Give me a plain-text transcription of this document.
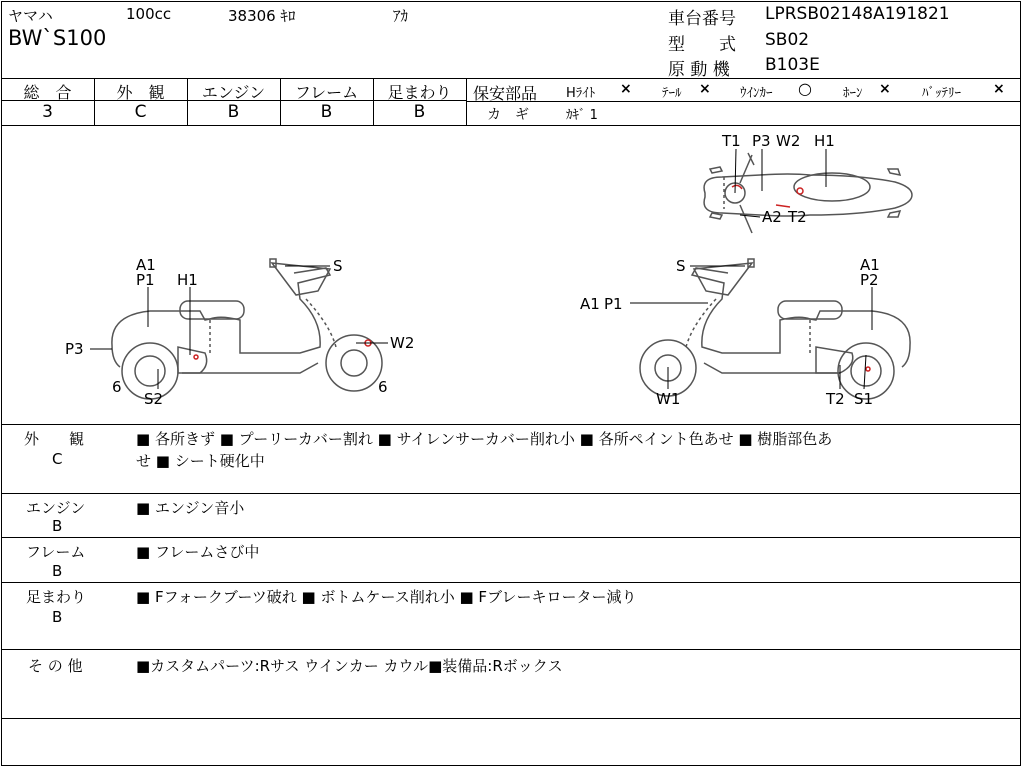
ヤマハ	100cc	38306 ｷﾛ	ｱｶ
BW`S100
車台番号 LPRSB02148A191821
型　　式 SB02
原 動 機 B103E
総　合
3
外　観
C
エンジン
B
フレーム
B
足まわり
B
保安部品 Hﾗｲﾄ × ﾃｰﾙ × ｳｲﾝｶｰ ○ ﾎｰﾝ × ﾊﾞｯﾃﾘｰ ×
カ　ギ	ｶｷﾞ 1
T1 P3 W2 H1
A2 T2
A1
P1 H1
S
P3	W2
6
S2
6
S	A1
P2
A1 P1
W1	T2 S1
外　　観
C
■ 各所きず ■ プーリーカバー割れ ■ サイレンサーカバー削れ小 ■ 各所ペイント色あせ ■ 樹脂部色あ
せ ■ シート硬化中
エンジン
B
■ エンジン音小
フレーム
B
■ フレームさび中
足まわり
B
■ Fフォークブーツ破れ ■ ボトムケース削れ小 ■ Fブレーキローター減り
そ の 他	■カスタムパーツ:Rサス ウインカー カウル■装備品:Rボックス
